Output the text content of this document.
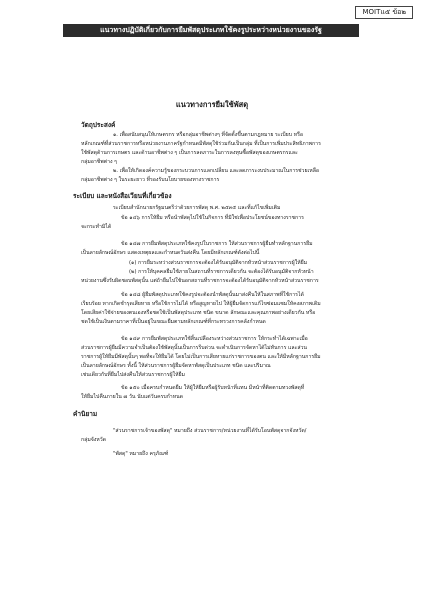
MOITแ๕ ข้อ๒
แนวทางปฏิบัติเกี่ยวกับการยืมพัสดุประเภทใช้คงรูประหว่างหน่วยงานของรัฐ
แนวทางการยืมใช้พัสดุ
วัตถุประสงค์
๑. เพื่อสนับสนุนให้เกษตรกร หรือกลุ่มอาชีพต่างๆ ที่จัดตั้งขึ้นตามกฎหมาย ระเบียบ หรือ
หลักเกณฑ์ที่ส่วนราชการหรือหน่วยงานภาครัฐกำหนดมีพัสดุใช้ร่วมกันเป็นกลุ่ม ที่เป็นการเพิ่มประสิทธิภาพการ
ใช้พัสดุด้านการเกษตร และด้านอาชีพต่าง ๆ เป็นการลดภาระในการลงทุนซื้อพัสดุของเกษตรกรและ
กลุ่มอาชีพต่าง ๆ
๒. เพื่อให้เกิดองค์ความรู้ของกระบวนการแลกเปลี่ยน และลดภาระงบประมาณในการช่วยเหลือ
กลุ่มอาชีพต่าง ๆ ในระยะยาว ที่รองรับนโยบายของทางราชการ
ระเบียบ และหนังสือเวียนที่เกี่ยวข้อง
ระเบียบสำนักนายกรัฐมนตรีว่าด้วยการพัสดุ พ.ศ. ๒๕๓๕ และที่แก้ไขเพิ่มเติม
ข้อ ๑๔๖ การให้ยืม หรือนำพัสดุไปใช้ในกิจการ ที่มิใช่เพื่อประโยชน์ของทางราชการ
จะกระทำมิได้
ข้อ ๑๔๗ การยืมพัสดุประเภทใช้คงรูปในราชการ ให้ส่วนราชการผู้ยืมทำหลักฐานการยืม
เป็นลายลักษณ์อักษร แสดงเหตุผลและกำหนดวันส่งคืน โดยมีหลักเกณฑ์ดังต่อไปนี้
(๑) การยืมระหว่างส่วนราชการจะต้องได้รับอนุมัติจากหัวหน้าส่วนราชการผู้ให้ยืม
(๒) การให้บุคคลยืมใช้ภายในสถานที่ราชการเดียวกัน จะต้องได้รับอนุมัติจากหัวหน้า
หน่วยงานซึ่งรับผิดชอบพัสดุนั้น แต่ถ้ายืมไปใช้นอกสถานที่ราชการจะต้องได้รับอนุมัติจากหัวหน้าส่วนราชการ
ข้อ ๑๔๘ ผู้ยืมพัสดุประเภทใช้คงรูปจะต้องนำพัสดุนั้นมาส่งคืนให้ในสภาพที่ใช้การได้
เรียบร้อย หากเกิดชำรุดเสียหาย หรือใช้การไม่ได้ หรือสูญหายไป ให้ผู้ยืมจัดการแก้ไขซ่อมแซมให้คงสภาพเดิม
โดยเสียค่าใช้จ่ายของตนเองหรือชดใช้เป็นพัสดุประเภท ชนิด ขนาด ลักษณะและคุณภาพอย่างเดียวกัน หรือ
ชดใช้เป็นเงินตามราคาที่เป็นอยู่ในขณะยืมตามหลักเกณฑ์ที่กระทรวงการคลังกำหนด
ข้อ ๑๔๙ การยืมพัสดุประเภทใช้สิ้นเปลืองระหว่างส่วนราชการ ให้กระทำได้เฉพาะเมื่อ
ส่วนราชการผู้ยืมมีความจำเป็นต้องใช้พัสดุนั้นเป็นการรีบด่วน จะดำเนินการจัดหาได้ไม่ทันการ และส่วน
ราชการผู้ให้ยืมมีพัสดุนั้นๆ พอที่จะให้ยืมได้ โดยไม่เป็นการเสียหายแก่ราชการของตน และให้มีหลักฐานการยืม
เป็นลายลักษณ์อักษร ทั้งนี้ ให้ส่วนราชการผู้ยืมจัดหาพัสดุเป็นประเภท ชนิด และปริมาณ
เช่นเดียวกับที่ยืมไปส่งคืนให้ส่วนราชการผู้ให้ยืม
ข้อ ๑๕๐ เมื่อครบกำหนดยืม ให้ผู้ให้ยืมหรือผู้รับหน้าที่แทน มีหน้าที่ติดตามทวงพัสดุที่
ให้ยืมไปคืนภายใน ๗ วัน นับแต่วันครบกำหนด
คำนิยาม
"ส่วนราชการเจ้าของพัสดุ" หมายถึง ส่วนราชการ/หน่วยงานที่ได้รับโอนพัสดุจากจังหวัด/
กลุ่มจังหวัด
"พัสดุ" หมายถึง ครุภัณฑ์
